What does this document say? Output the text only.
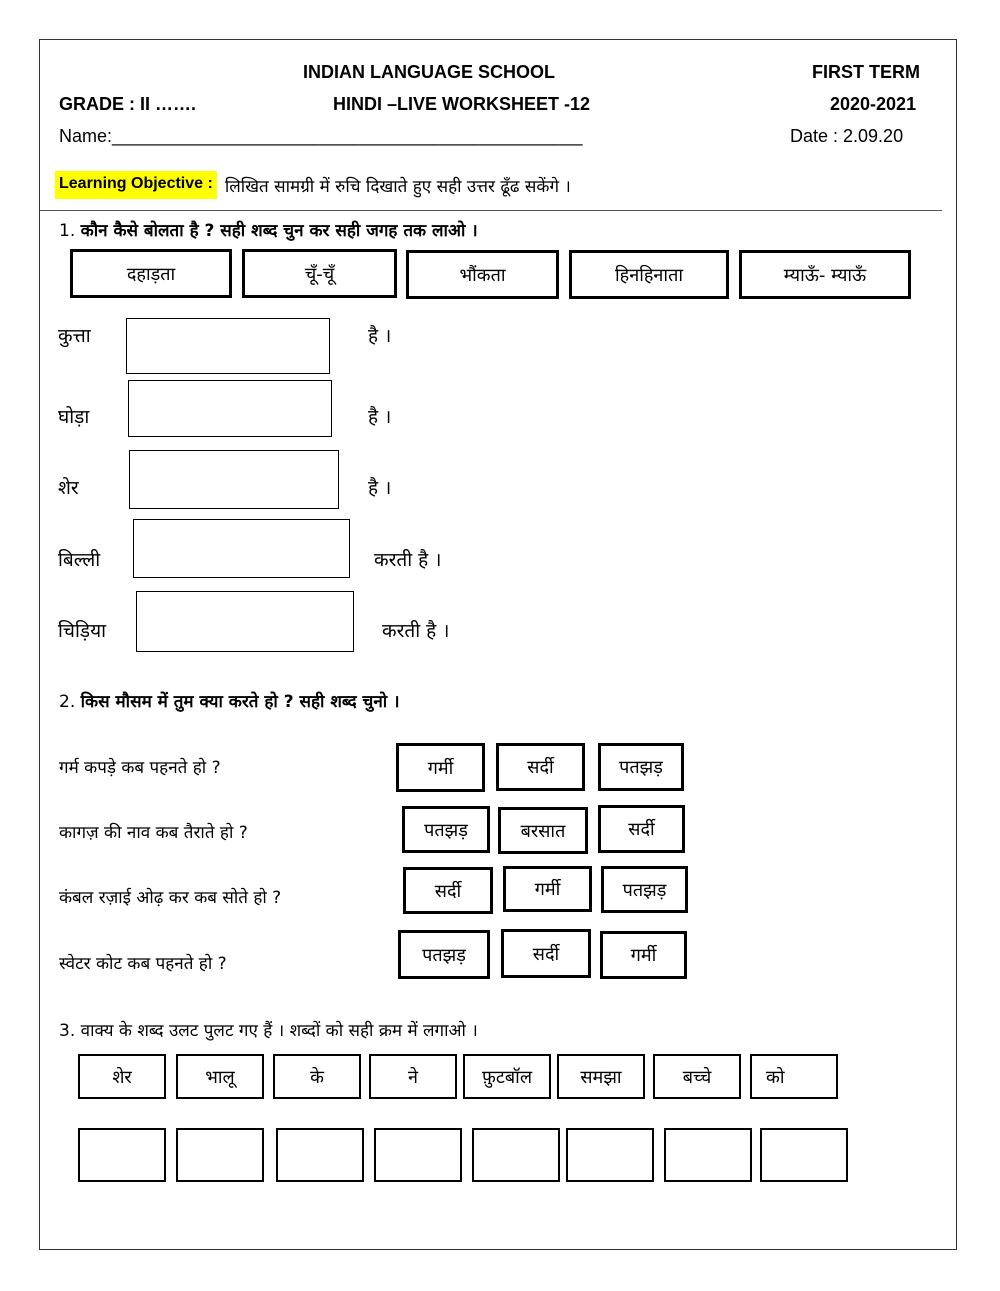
INDIAN LANGUAGE SCHOOL	FIRST TERM
GRADE : II …….	HINDI –LIVE WORKSHEET -12	2020-2021
Name:_______________________________________________	Date : 2.09.20
Learning Objective : लिखित सामग्री में रुचि दिखाते हुए सही उत्तर ढूँढ सकेंगे ।
1. कौन कैसे बोलता है ? सही शब्द चुन कर सही जगह तक लाओ ।
दहाड़ता	चूँ-चूँ	भौंकता	हिनहिनाता	म्याऊँ- म्याऊँ
कुत्ता	है ।
घोड़ा	है ।
शेर	है ।
बिल्ली	करती है ।
चिड़िया	करती है ।
2. किस मौसम में तुम क्या करते हो ? सही शब्द चुनो ।
गर्म कपड़े कब पहनते हो ?	गर्मी	सर्दी	पतझड़
कागज़ की नाव कब तैराते हो ?	पतझड़	बरसात	सर्दी
कंबल रज़ाई ओढ़ कर कब सोते हो ?	सर्दी	गर्मी	पतझड़
स्वेटर कोट कब पहनते हो ?	पतझड़	सर्दी	गर्मी
3. वाक्य के शब्द उलट पुलट गए हैं । शब्दों को सही क्रम में लगाओ ।
शेर	भालू	के	ने	फ़ुटबॉल	समझा	बच्चे	को
